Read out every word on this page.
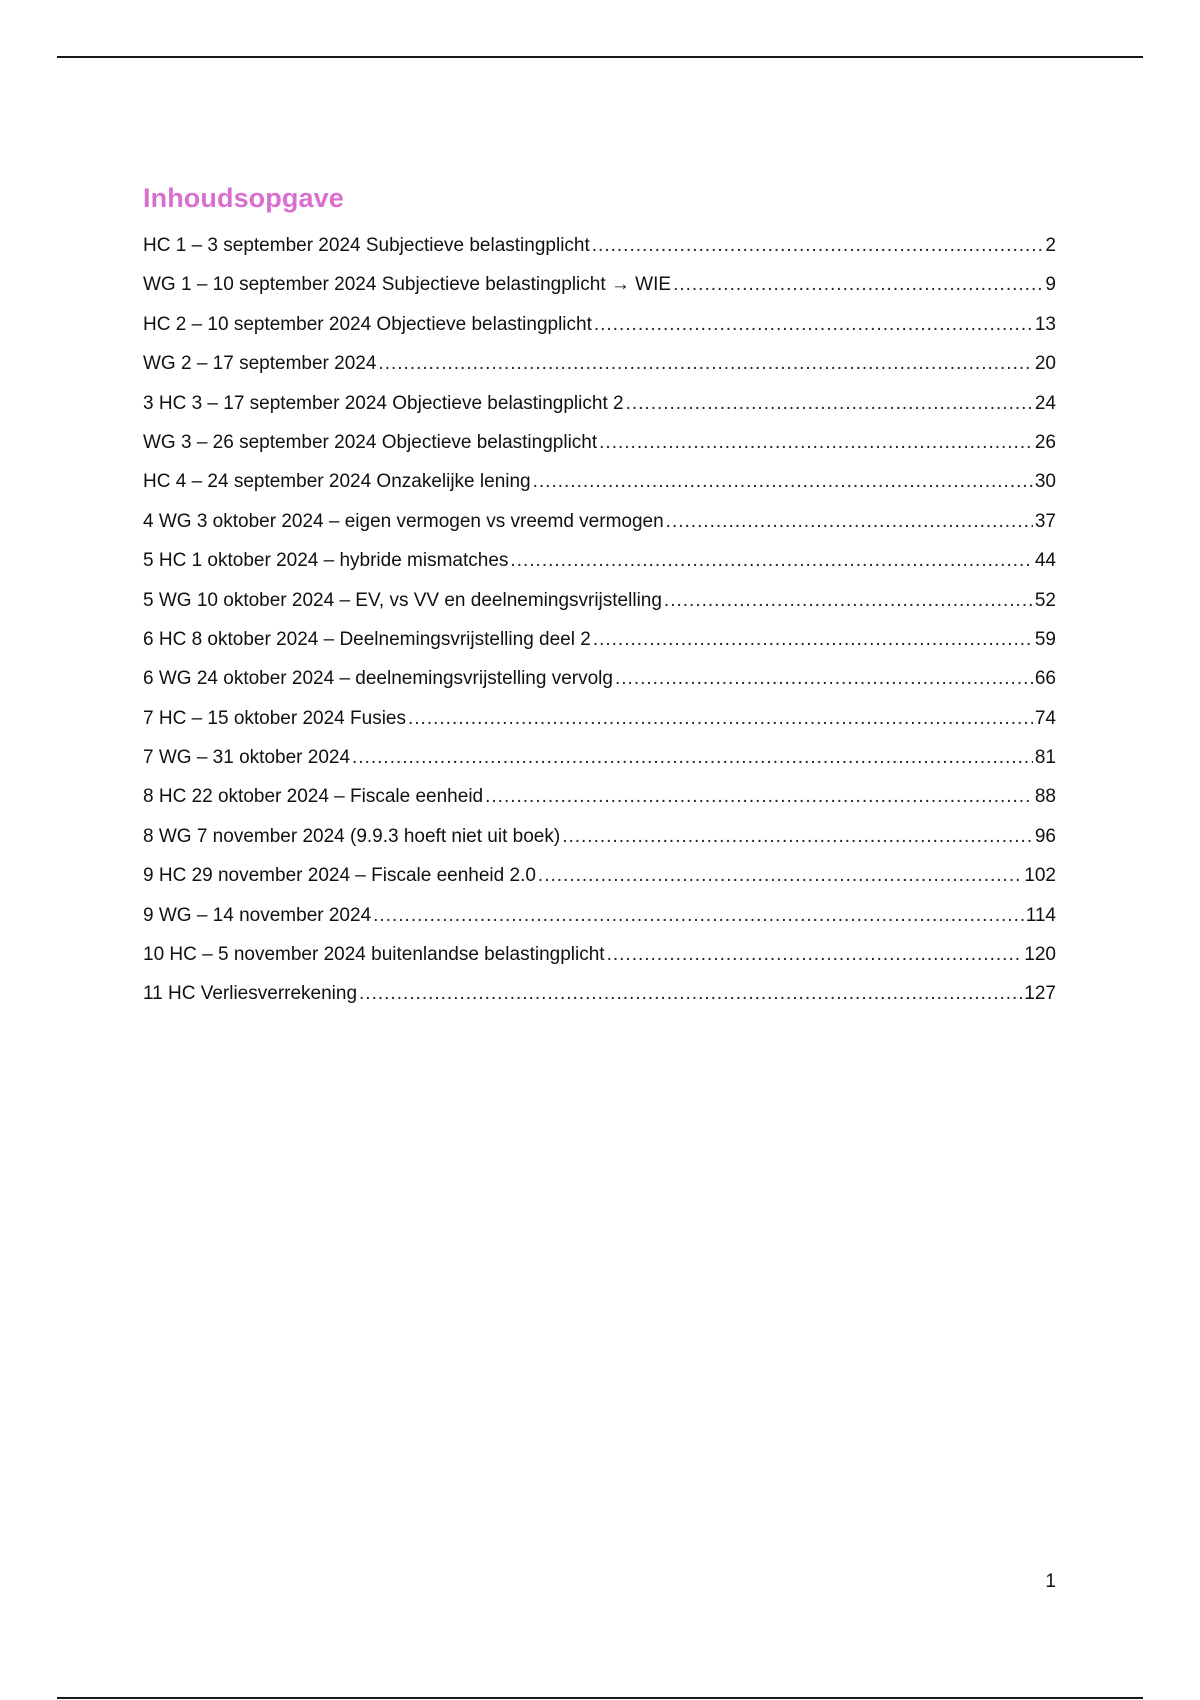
Inhoudsopgave
HC 1 – 3 september 2024 Subjectieve belastingplicht .....	2
WG 1 – 10 september 2024 Subjectieve belastingplicht → WIE .....	9
HC 2 – 10 september 2024 Objectieve belastingplicht .....	13
WG 2 – 17 september 2024 .....	20
3 HC 3 – 17 september 2024 Objectieve belastingplicht 2 .....	24
WG 3 – 26 september 2024 Objectieve belastingplicht .....	26
HC 4 – 24 september 2024 Onzakelijke lening .....	30
4 WG 3 oktober 2024 – eigen vermogen vs vreemd vermogen .....	37
5 HC 1 oktober 2024 – hybride mismatches .....	44
5 WG 10 oktober 2024 – EV, vs VV en deelnemingsvrijstelling .....	52
6 HC 8 oktober 2024 – Deelnemingsvrijstelling deel 2 .....	59
6 WG 24 oktober 2024 – deelnemingsvrijstelling vervolg .....	66
7 HC – 15 oktober 2024 Fusies .....	74
7 WG – 31 oktober 2024 .....	81
8 HC 22 oktober 2024 – Fiscale eenheid .....	88
8 WG 7 november 2024 (9.9.3 hoeft niet uit boek) .....	96
9 HC 29 november 2024 – Fiscale eenheid 2.0 .....	102
9 WG – 14 november 2024 .....	114
10 HC – 5 november 2024 buitenlandse belastingplicht .....	120
11 HC Verliesverrekening .....	127
1
